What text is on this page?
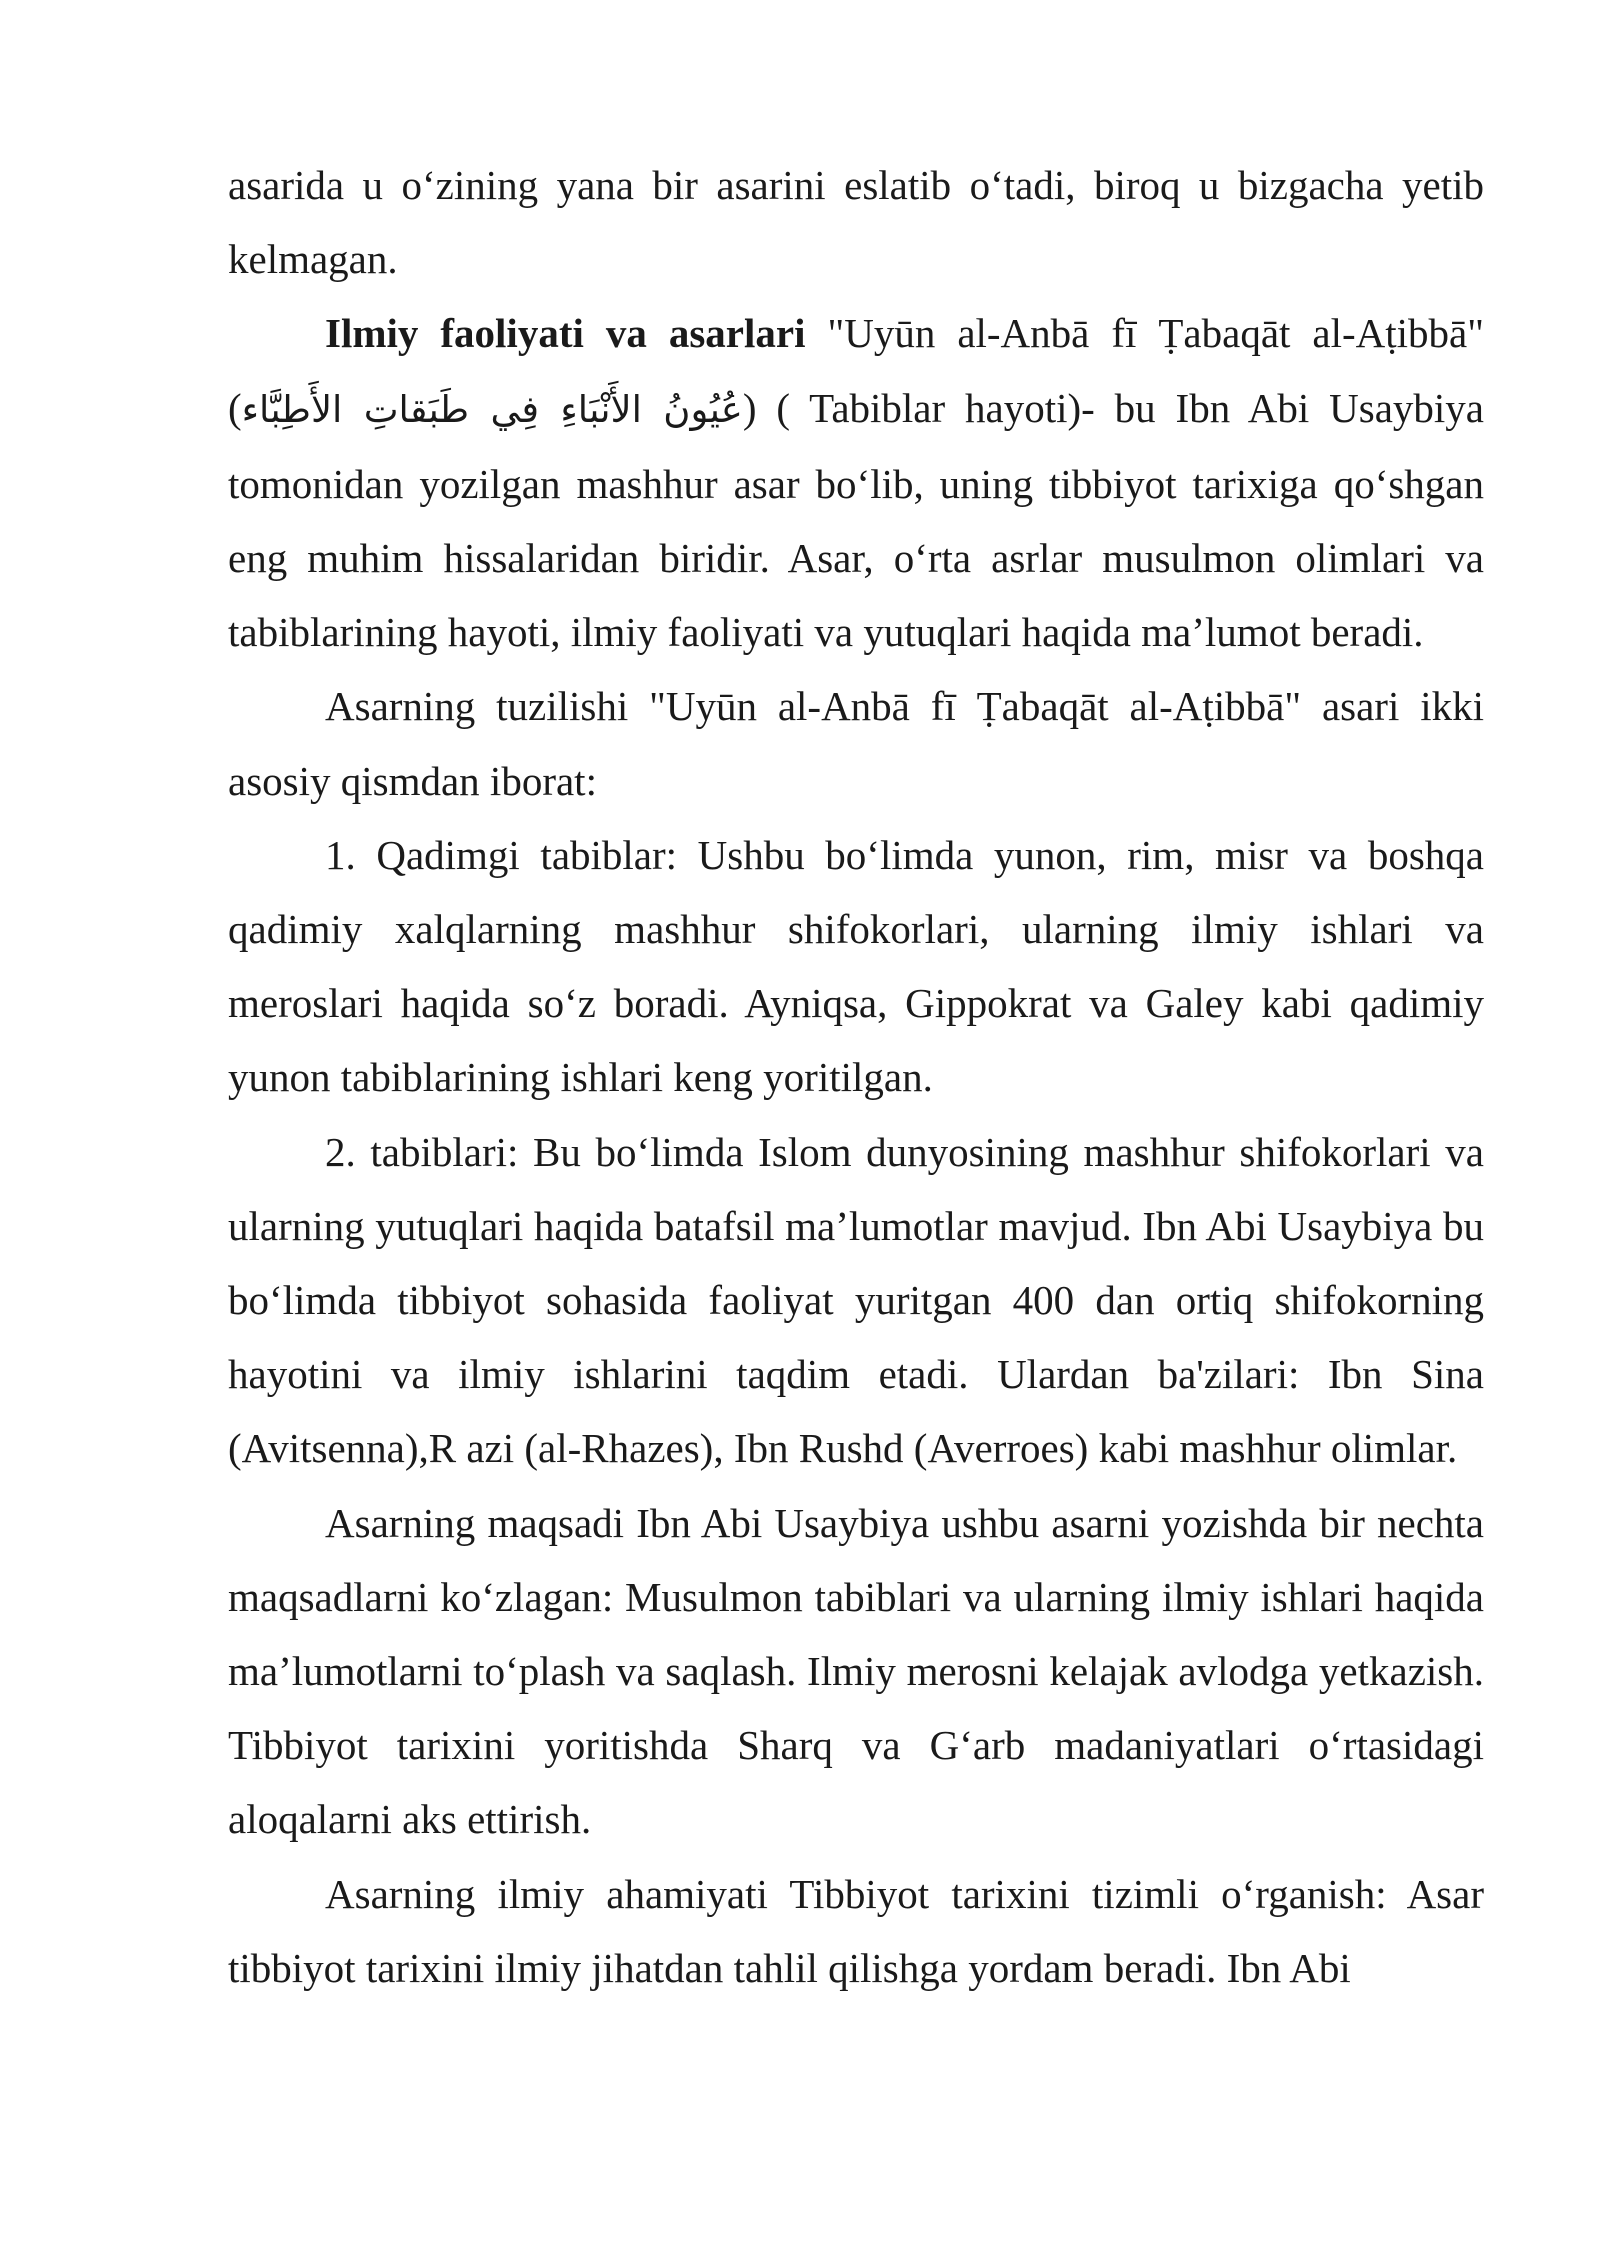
asarida u oʻzining yana bir asarini eslatib oʻtadi, biroq u bizgacha yetib kelmagan.

Ilmiy faoliyati va asarlari "Uyūn al-Anbā fī Ṭabaqāt al-Aṭibbā" (عُيُونُ الأَنْبَاءِ فِي طَبَقاتِ الأَطِبَّاء) ( Tabiblar hayoti)- bu Ibn Abi Usaybiya tomonidan yozilgan mashhur asar boʻlib, uning tibbiyot tarixiga qoʻshgan eng muhim hissalaridan biridir. Asar, oʻrta asrlar musulmon olimlari va tabiblarining hayoti, ilmiy faoliyati va yutuqlari haqida maʼlumot beradi.

Asarning tuzilishi "Uyūn al-Anbā fī Ṭabaqāt al-Aṭibbā" asari ikki asosiy qismdan iborat:

1. Qadimgi tabiblar: Ushbu boʻlimda yunon, rim, misr va boshqa qadimiy xalqlarning mashhur shifokorlari, ularning ilmiy ishlari va meroslari haqida soʻz boradi. Ayniqsa, Gippokrat va Galey kabi qadimiy yunon tabiblarining ishlari keng yoritilgan.

2. tabiblari: Bu boʻlimda Islom dunyosining mashhur shifokorlari va ularning yutuqlari haqida batafsil maʼlumotlar mavjud. Ibn Abi Usaybiya bu boʻlimda tibbiyot sohasida faoliyat yuritgan 400 dan ortiq shifokorning hayotini va ilmiy ishlarini taqdim etadi. Ulardan ba'zilari: Ibn Sina (Avitsenna),R azi (al-Rhazes), Ibn Rushd (Averroes) kabi mashhur olimlar.

Asarning maqsadi Ibn Abi Usaybiya ushbu asarni yozishda bir nechta maqsadlarni koʻzlagan: Musulmon tabiblari va ularning ilmiy ishlari haqida maʼlumotlarni toʻplash va saqlash. Ilmiy merosni kelajak avlodga yetkazish. Tibbiyot tarixini yoritishda Sharq va Gʻarb madaniyatlari oʻrtasidagi aloqalarni aks ettirish.

Asarning ilmiy ahamiyati Tibbiyot tarixini tizimli oʻrganish: Asar tibbiyot tarixini ilmiy jihatdan tahlil qilishga yordam beradi. Ibn Abi
